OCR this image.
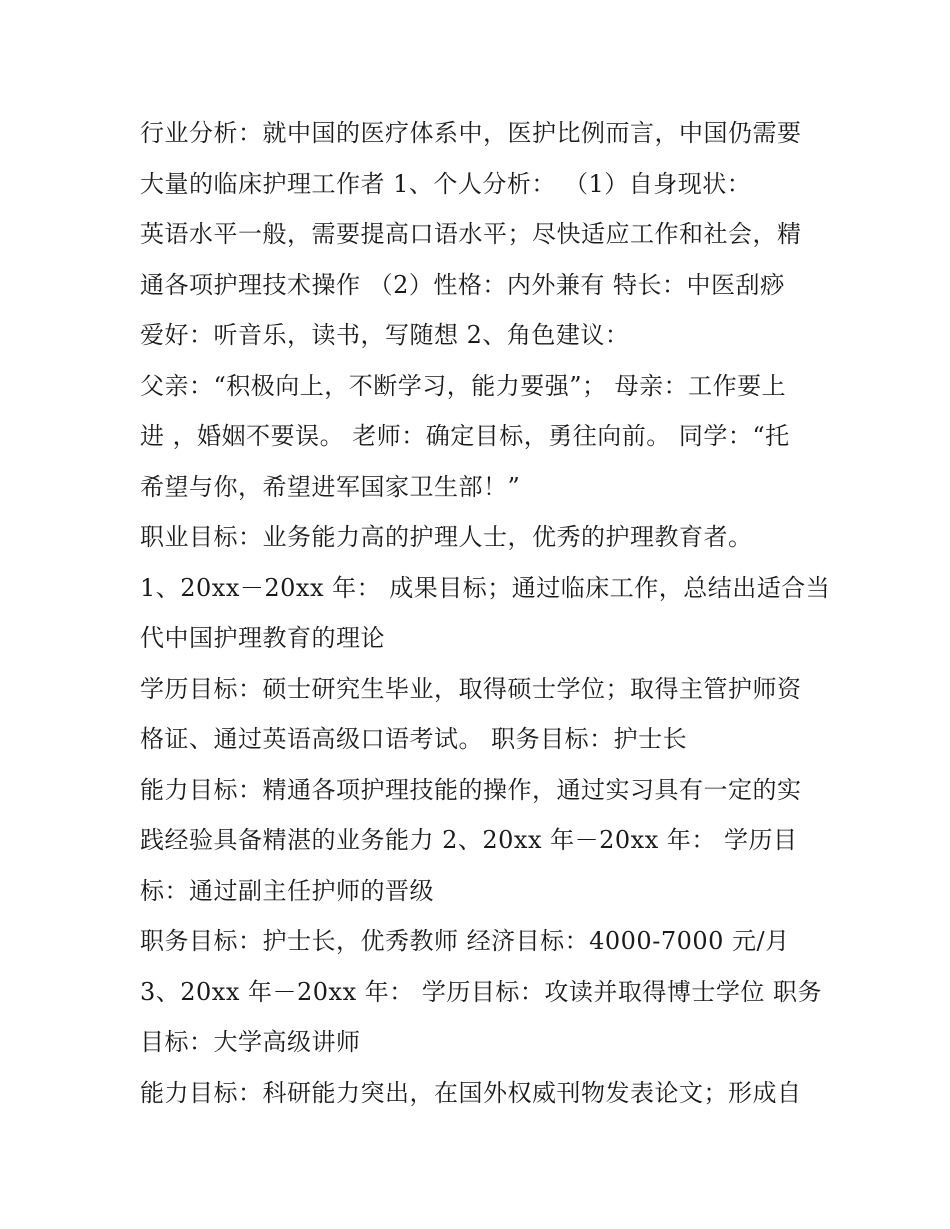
行业分析：就中国的医疗体系中，医护比例而言，中国仍需要
大量的临床护理工作者 1、个人分析： （1）自身现状：
英语水平一般，需要提高口语水平；尽快适应工作和社会，精
通各项护理技术操作 （2）性格：内外兼有 特长：中医刮痧
爱好：听音乐，读书，写随想 2、角色建议：
父亲：“积极向上，不断学习，能力要强”； 母亲：工作要上
进 ，婚姻不要误。 老师：确定目标，勇往向前。 同学：“托
希望与你，希望进军国家卫生部！”
职业目标：业务能力高的护理人士，优秀的护理教育者。
1、20xx－20xx 年： 成果目标；通过临床工作，总结出适合当
代中国护理教育的理论
学历目标：硕士研究生毕业，取得硕士学位；取得主管护师资
格证、通过英语高级口语考试。 职务目标：护士长
能力目标：精通各项护理技能的操作，通过实习具有一定的实
践经验具备精湛的业务能力 2、20xx 年－20xx 年： 学历目
标：通过副主任护师的晋级
职务目标：护士长，优秀教师 经济目标：4000-7000 元/月
3、20xx 年－20xx 年： 学历目标：攻读并取得博士学位 职务
目标：大学高级讲师
能力目标：科研能力突出，在国外权威刊物发表论文；形成自
